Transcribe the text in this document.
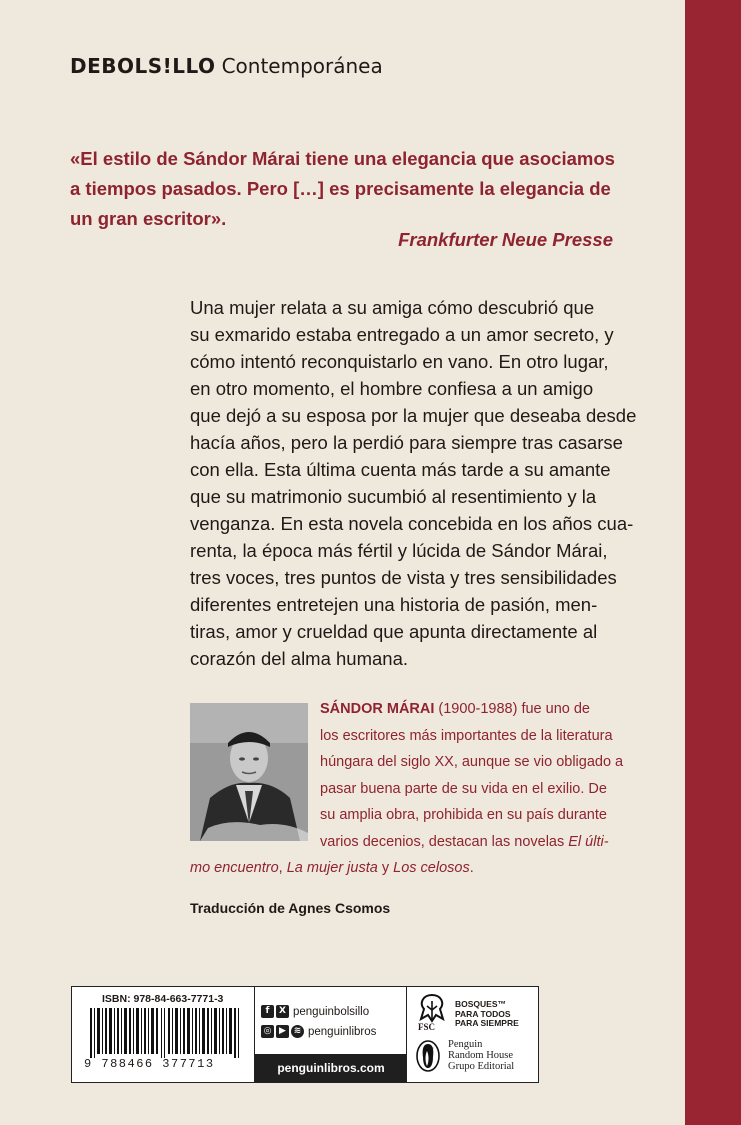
DEBOLS!LLO Contemporánea
«El estilo de Sándor Márai tiene una elegancia que asociamos
a tiempos pasados. Pero […] es precisamente la elegancia de
un gran escritor».
Frankfurter Neue Presse
Una mujer relata a su amiga cómo descubrió que
su exmarido estaba entregado a un amor secreto, y
cómo intentó reconquistarlo en vano. En otro lugar,
en otro momento, el hombre confiesa a un amigo
que dejó a su esposa por la mujer que deseaba desde
hacía años, pero la perdió para siempre tras casarse
con ella. Esta última cuenta más tarde a su amante
que su matrimonio sucumbió al resentimiento y la
venganza. En esta novela concebida en los años cua-
renta, la época más fértil y lúcida de Sándor Márai,
tres voces, tres puntos de vista y tres sensibilidades
diferentes entretejen una historia de pasión, men-
tiras, amor y crueldad que apunta directamente al
corazón del alma humana.
SÁNDOR MÁRAI (1900-1988) fue uno de
los escritores más importantes de la literatura
húngara del siglo XX, aunque se vio obligado a
pasar buena parte de su vida en el exilio. De
su amplia obra, prohibida en su país durante
varios decenios, destacan las novelas El últi-
mo encuentro, La mujer justa y Los celosos.
Traducción de Agnes Csomos
ISBN: 978-84-663-7771-3
9 788466 377713
f	X penguinbolsillo
◎ ▶ ≋ penguinlibros
penguinlibros.com
FSC
BOSQUES™
PARA TODOS
PARA SIEMPRE
Penguin
Random House
Grupo Editorial
